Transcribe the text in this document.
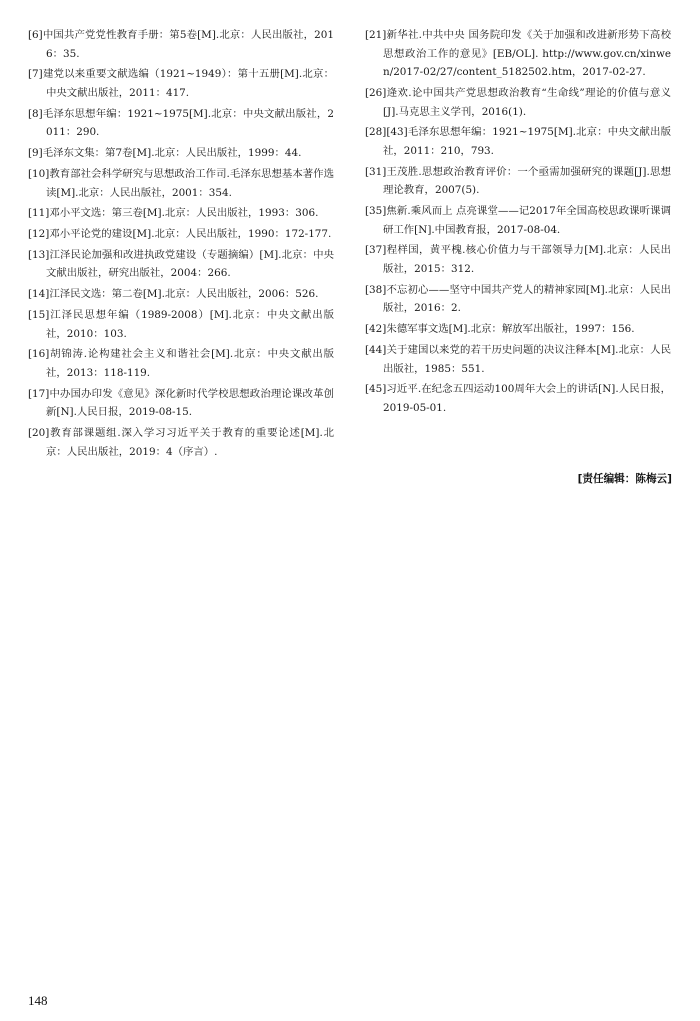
[6]中国共产党党性教育手册：第5卷[M].北京：人民出版社，2016：35.

[7]建党以来重要文献选编（1921~1949）：第十五册[M].北京：中央文献出版社，2011：417.

[8]毛泽东思想年编：1921~1975[M].北京：中央文献出版社，2011：290.

[9]毛泽东文集：第7卷[M].北京：人民出版社，1999：44.

[10]教育部社会科学研究与思想政治工作司.毛泽东思想基本著作选读[M].北京：人民出版社，2001：354.

[11]邓小平文选：第三卷[M].北京：人民出版社，1993：306.

[12]邓小平论党的建设[M].北京：人民出版社，1990：172-177.

[13]江泽民论加强和改进执政党建设（专题摘编）[M].北京：中央文献出版社，研究出版社，2004：266.

[14]江泽民文选：第二卷[M].北京：人民出版社，2006：526.

[15]江泽民思想年编（1989-2008）[M].北京：中央文献出版社，2010：103.

[16]胡锦涛.论构建社会主义和谐社会[M].北京：中央文献出版社，2013：118-119.

[17]中办国办印发《意见》深化新时代学校思想政治理论课改革创新[N].人民日报，2019-08-15.

[20]教育部课题组.深入学习习近平关于教育的重要论述[M].北京：人民出版社，2019：4（序言）.

[21]新华社.中共中央 国务院印发《关于加强和改进新形势下高校思想政治工作的意见》[EB/OL]. http://www.gov.cn/xinwen/2017-02/27/content_5182502.htm，2017-02-27.

[26]逄欢.论中国共产党思想政治教育“生命线”理论的价值与意义[J].马克思主义学刊，2016(1).

[28][43]毛泽东思想年编：1921~1975[M].北京：中央文献出版社，2011：210，793.

[31]王茂胜.思想政治教育评价：一个亟需加强研究的课题[J].思想理论教育，2007(5).

[35]焦新.乘风而上 点亮课堂——记2017年全国高校思政课听课调研工作[N].中国教育报，2017-08-04.

[37]程样国，黄平槐.核心价值力与干部领导力[M].北京：人民出版社，2015：312.

[38]不忘初心——坚守中国共产党人的精神家园[M].北京：人民出版社，2016：2.

[42]朱德军事文选[M].北京：解放军出版社，1997：156.

[44]关于建国以来党的若干历史问题的决议注释本[M].北京：人民出版社，1985：551.

[45]习近平.在纪念五四运动100周年大会上的讲话[N].人民日报，2019-05-01.

[责任编辑：陈梅云]
148
